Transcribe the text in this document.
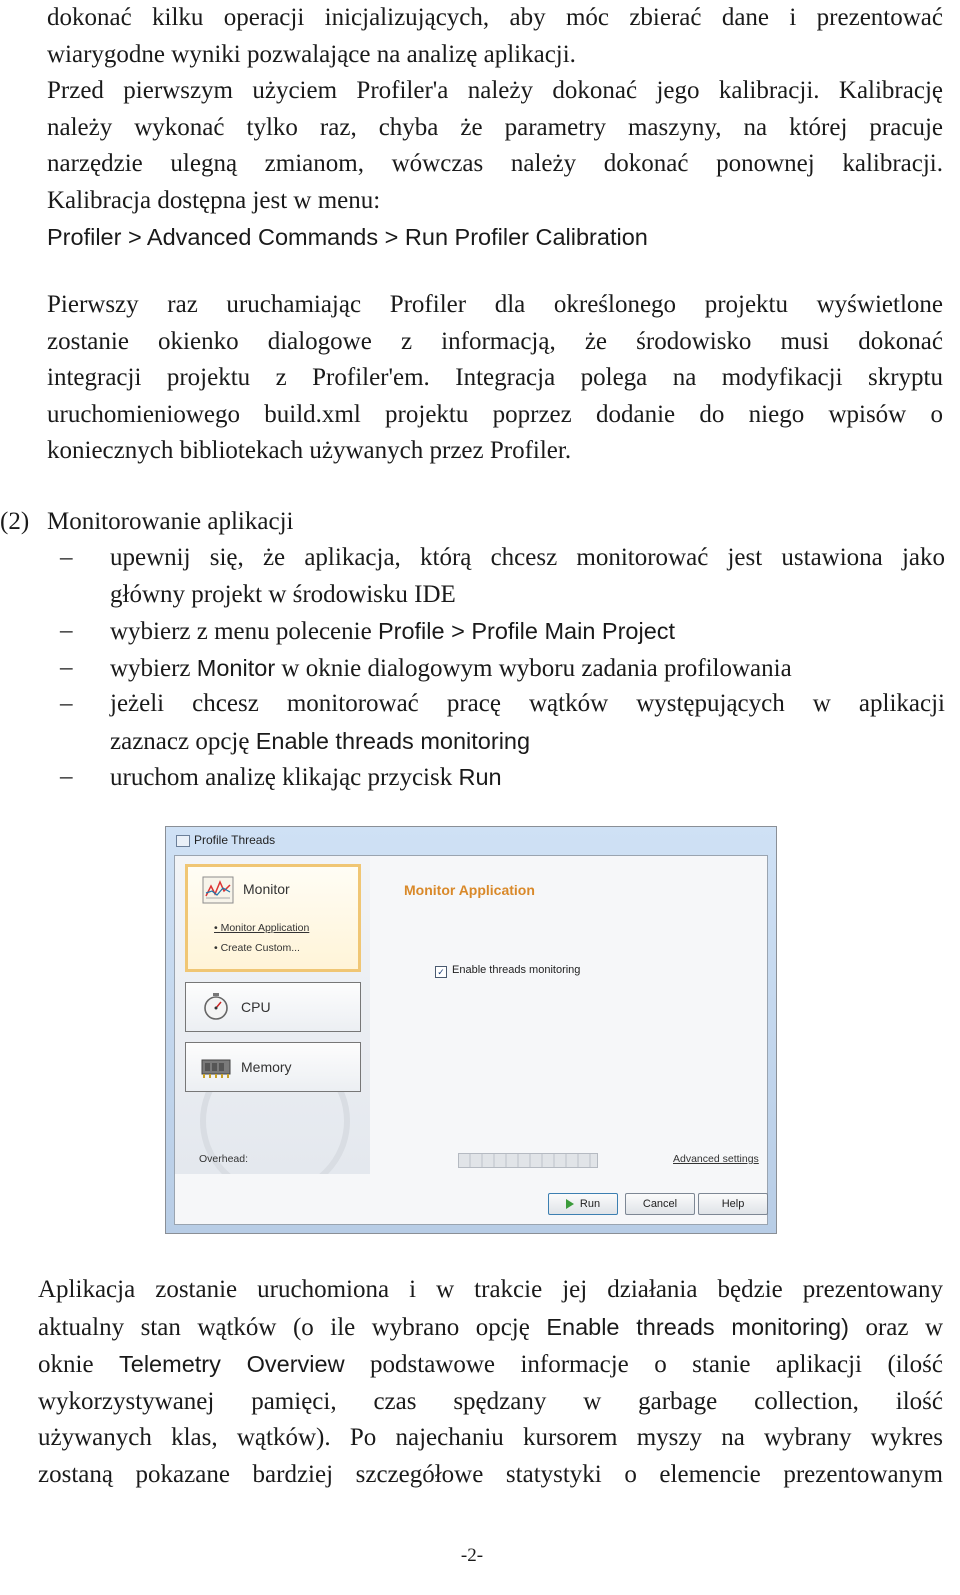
dokonać kilku operacji inicjalizujących, aby móc zbierać dane i prezentować
wiarygodne wyniki pozwalające na analizę aplikacji.
Przed pierwszym użyciem Profiler'a należy dokonać jego kalibracji. Kalibrację
należy wykonać tylko raz, chyba że parametry maszyny, na której pracuje
narzędzie ulegną zmianom, wówczas należy dokonać ponownej kalibracji.
Kalibracja dostępna jest w menu:
Profiler > Advanced Commands > Run Profiler Calibration
Pierwszy raz uruchamiając Profiler dla określonego projektu wyświetlone
zostanie okienko dialogowe z informacją, że środowisko musi dokonać
integracji projektu z Profiler'em. Integracja polega na modyfikacji skryptu
uruchomieniowego build.xml projektu poprzez dodanie do niego wpisów o
koniecznych bibliotekach używanych przez Profiler.
(2) Monitorowanie aplikacji
–	upewnij się, że aplikacja, którą chcesz monitorować jest ustawiona jako
główny projekt w środowisku IDE
–	wybierz z menu polecenie Profile > Profile Main Project
–	wybierz Monitor w oknie dialogowym wyboru zadania profilowania
–	jeżeli chcesz monitorować pracę wątków występujących w aplikacji
zaznacz opcję Enable threads monitoring
–	uruchom analizę klikając przycisk Run
Profile Threads
Monitor
• Monitor Application
• Create Custom...
CPU
Memory
Monitor Application
✓ Enable threads monitoring
Overhead:	Advanced settings
Run	Cancel	Help
Aplikacja zostanie uruchomiona i w trakcie jej działania będzie prezentowany
aktualny stan wątków (o ile wybrano opcję Enable threads monitoring) oraz w
oknie Telemetry Overview podstawowe informacje o stanie aplikacji (ilość
wykorzystywanej pamięci, czas spędzany w garbage collection, ilość
używanych klas, wątków). Po najechaniu kursorem myszy na wybrany wykres
zostaną pokazane bardziej szczegółowe statystyki o elemencie prezentowanym
-2-
